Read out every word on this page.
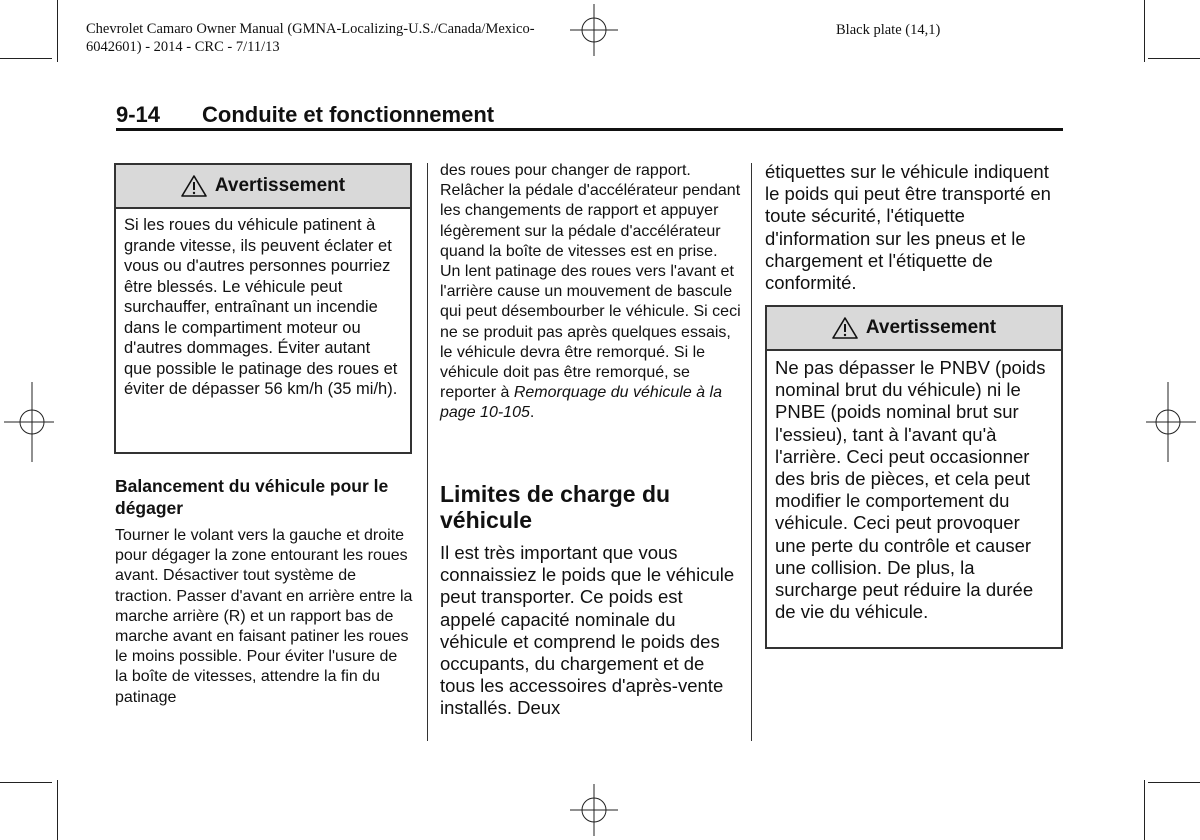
Chevrolet Camaro Owner Manual (GMNA-Localizing-U.S./Canada/Mexico-
6042601) - 2014 - CRC - 7/11/13
Black plate (14,1)
9-14 Conduite et fonctionnement
Avertissement
Si les roues du véhicule patinent à grande vitesse, ils peuvent éclater et vous ou d'autres personnes pourriez être blessés. Le véhicule peut surchauffer, entraînant un incendie dans le compartiment moteur ou d'autres dommages. Éviter autant que possible le patinage des roues et éviter de dépasser 56 km/h (35 mi/h).
Balancement du véhicule pour le dégager
Tourner le volant vers la gauche et droite pour dégager la zone entourant les roues avant. Désactiver tout système de traction. Passer d'avant en arrière entre la marche arrière (R) et un rapport bas de marche avant en faisant patiner les roues le moins possible. Pour éviter l'usure de la boîte de vitesses, attendre la fin du patinage
des roues pour changer de rapport. Relâcher la pédale d'accélérateur pendant les changements de rapport et appuyer légèrement sur la pédale d'accélérateur quand la boîte de vitesses est en prise. Un lent patinage des roues vers l'avant et l'arrière cause un mouvement de bascule qui peut désembourber le véhicule. Si ceci ne se produit pas après quelques essais, le véhicule devra être remorqué. Si le véhicule doit pas être remorqué, se reporter à Remorquage du véhicule à la page 10-105.
Limites de charge du véhicule
Il est très important que vous connaissiez le poids que le véhicule peut transporter. Ce poids est appelé capacité nominale du véhicule et comprend le poids des occupants, du chargement et de tous les accessoires d'après-vente installés. Deux
étiquettes sur le véhicule indiquent le poids qui peut être transporté en toute sécurité, l'étiquette d'information sur les pneus et le chargement et l'étiquette de conformité.
Avertissement
Ne pas dépasser le PNBV (poids nominal brut du véhicule) ni le PNBE (poids nominal brut sur l'essieu), tant à l'avant qu'à l'arrière. Ceci peut occasionner des bris de pièces, et cela peut modifier le comportement du véhicule. Ceci peut provoquer une perte du contrôle et causer une collision. De plus, la surcharge peut réduire la durée de vie du véhicule.
